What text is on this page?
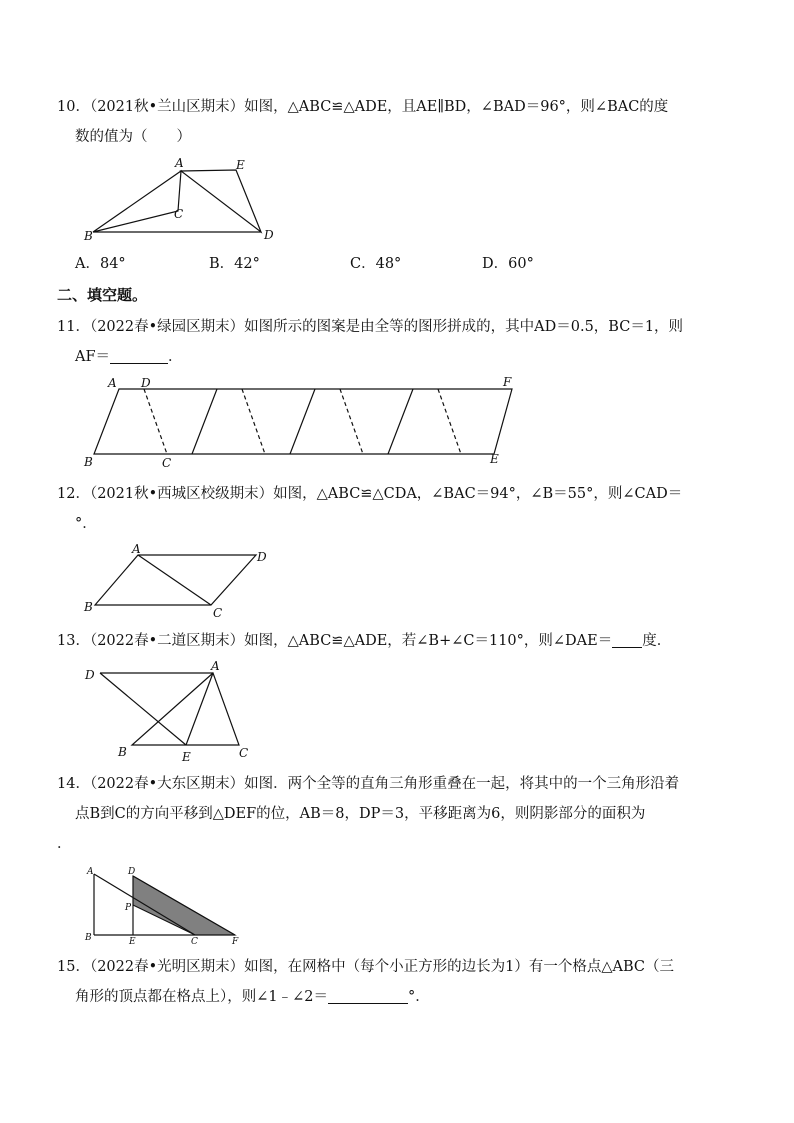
10．（2021秋•兰山区期末）如图，△ABC≌△ADE，且AE∥BD，∠BAD＝96°，则∠BAC的度
数的值为（　　）
A	E
C
B	D
A．84°	B．42°	C．48°	D．60°
二、填空题。
11．（2022春•绿园区期末）如图所示的图案是由全等的图形拼成的，其中AD＝0.5，BC＝1，则
AF＝	．
A D	F
B	C	E
12．（2021秋•西城区校级期末）如图，△ABC≌△CDA，∠BAC＝94°，∠B＝55°，则∠CAD＝
°．
A
D
B	C
13．（2022春•二道区期末）如图，△ABC≌△ADE，若∠B+∠C＝110°，则∠DAE＝ 度．
D
A
B	E	C
14．（2022春•大东区期末）如图．两个全等的直角三角形重叠在一起，将其中的一个三角形沿着
点B到C的方向平移到△DEF的位，AB＝8，DP＝3，平移距离为6，则阴影部分的面积为
．
A	D
P
B	E	C	F
15．（2022春•光明区期末）如图，在网格中（每个小正方形的边长为1）有一个格点△ABC（三
角形的顶点都在格点上），则∠1﹣∠2＝	°．
